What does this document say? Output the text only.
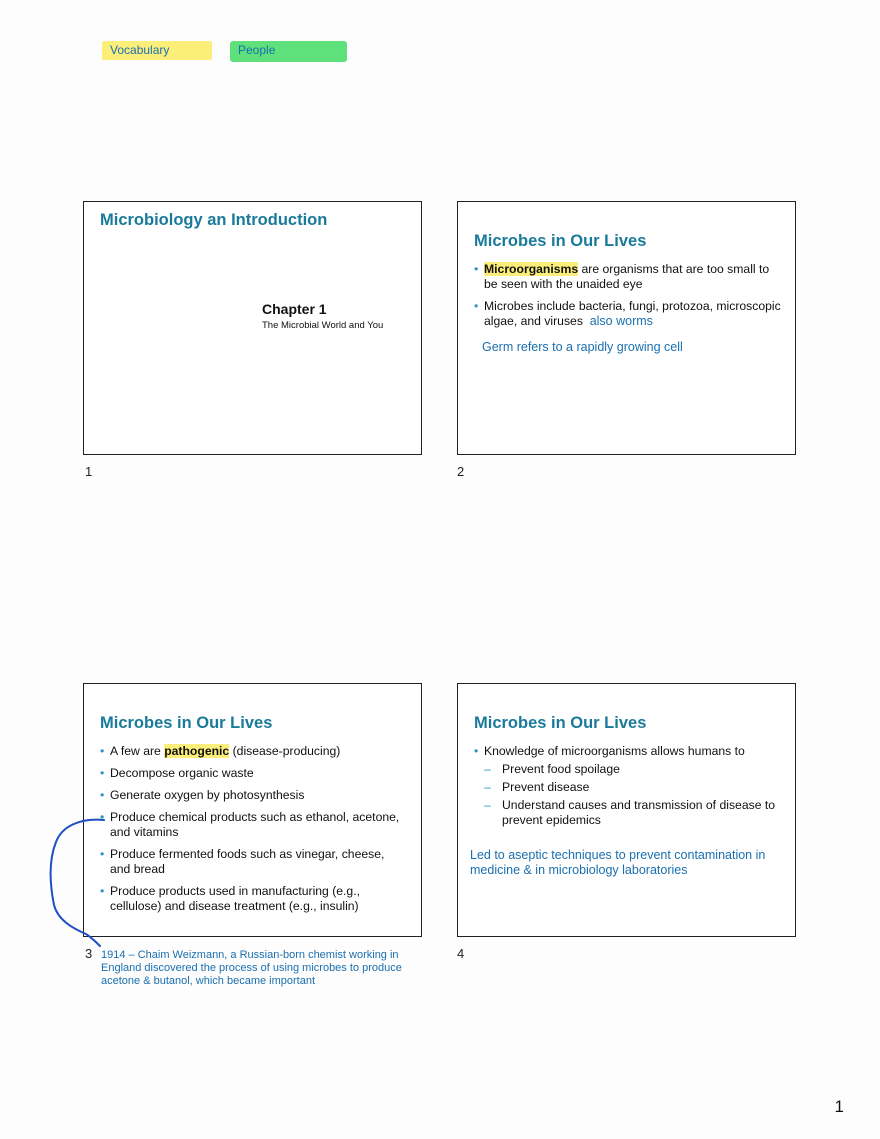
Vocabulary	People
Microbiology an Introduction
Chapter 1
The Microbial World and You
1
Microbes in Our Lives
• Microorganisms are organisms that are too small to be seen with the unaided eye
• Microbes include bacteria, fungi, protozoa, microscopic algae, and viruses also worms
Germ refers to a rapidly growing cell
2
Microbes in Our Lives
• A few are pathogenic (disease-producing)
• Decompose organic waste
• Generate oxygen by photosynthesis
• Produce chemical products such as ethanol, acetone, and vitamins
• Produce fermented foods such as vinegar, cheese, and bread
• Produce products used in manufacturing (e.g., cellulose) and disease treatment (e.g., insulin)
3
Microbes in Our Lives
• Knowledge of microorganisms allows humans to
– Prevent food spoilage
– Prevent disease
– Understand causes and transmission of disease to prevent epidemics
Led to aseptic techniques to prevent contamination in medicine & in microbiology laboratories
4
1914 – Chaim Weizmann, a Russian-born chemist working in England discovered the process of using microbes to produce acetone & butanol, which became important
1
